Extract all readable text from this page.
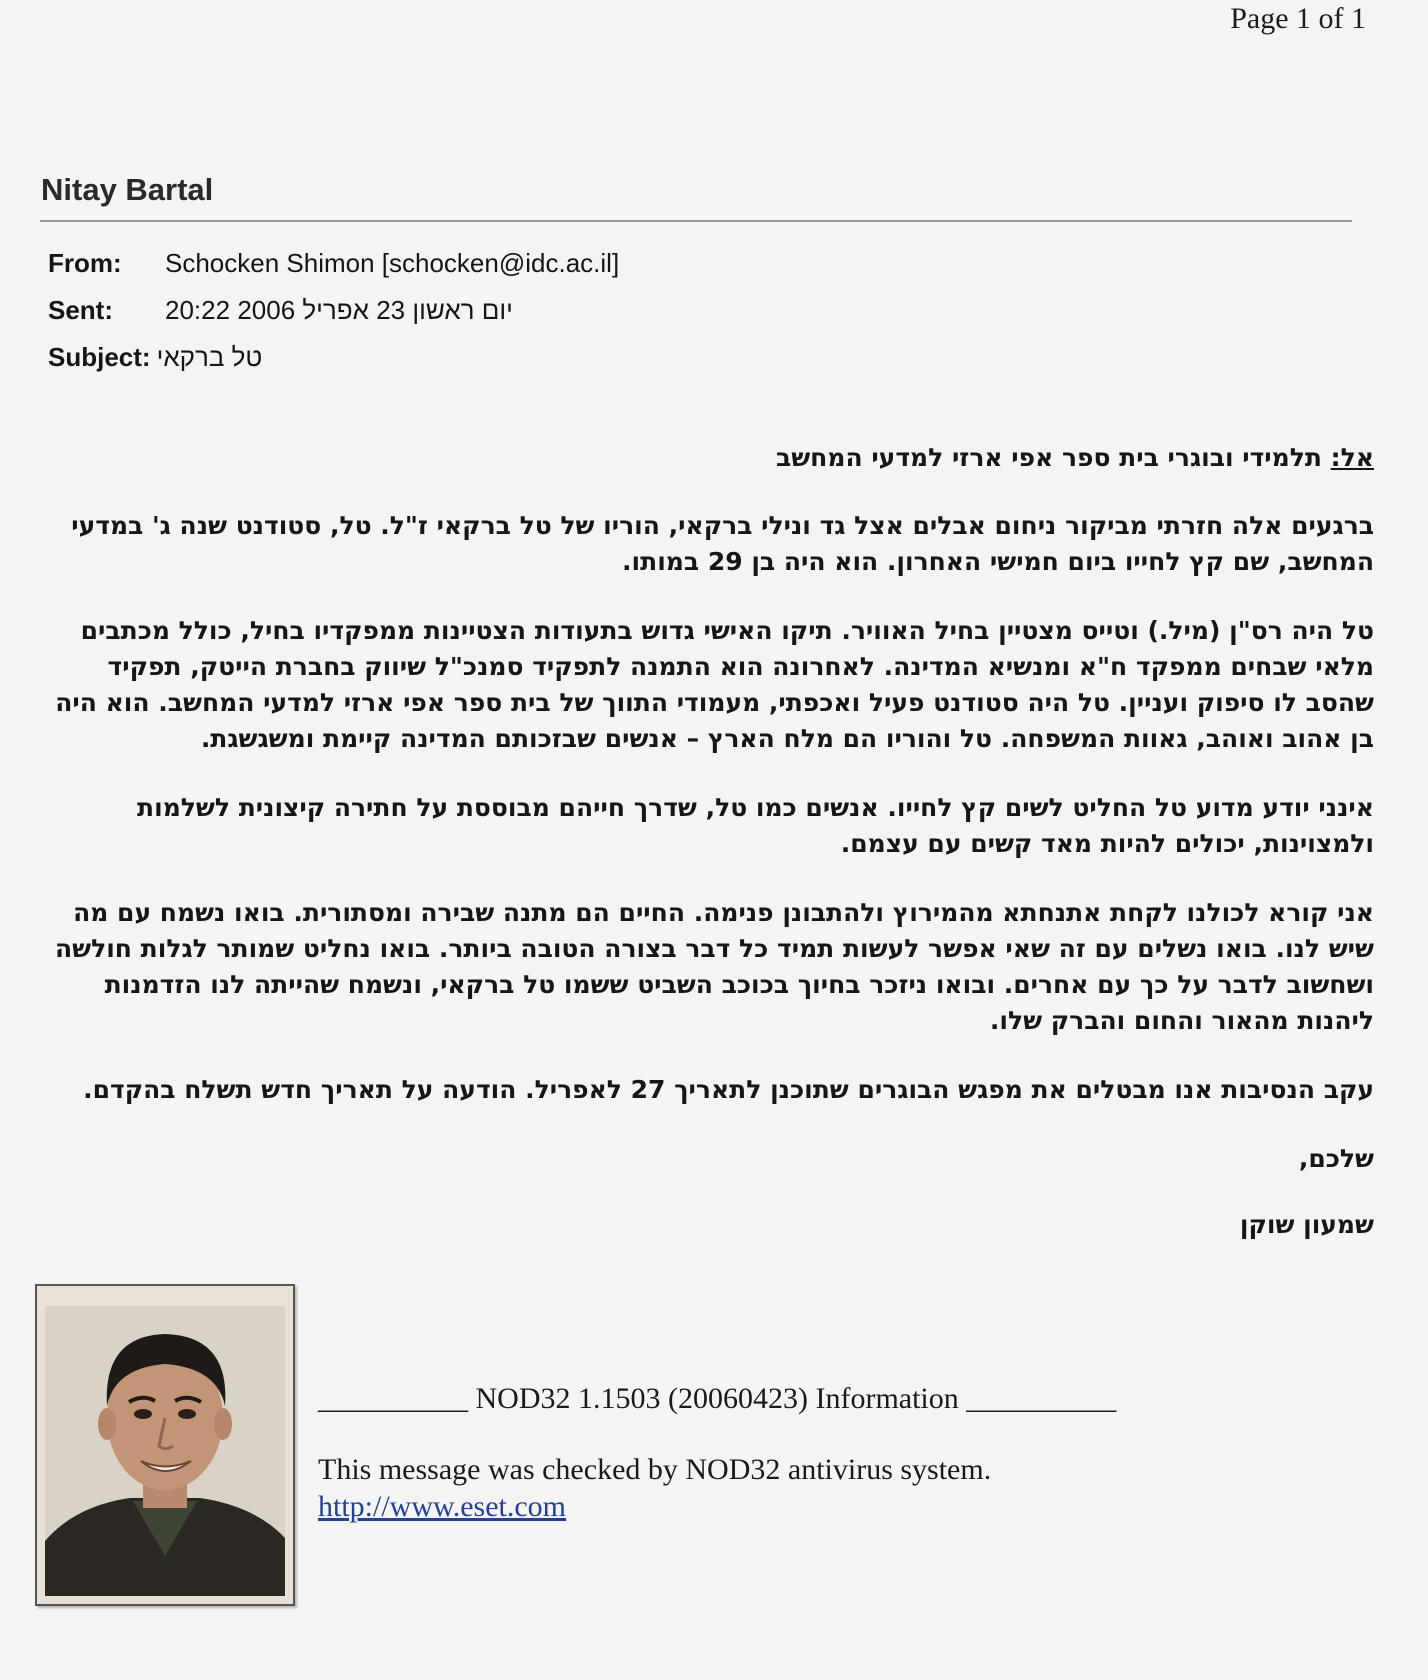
Page 1 of 1
Nitay Bartal
From: Schocken Shimon [schocken@idc.ac.il]
Sent: יום ראשון 23 אפריל 2006 20:22
Subject: טל ברקאי

אל: תלמידי ובוגרי בית ספר אפי ארזי למדעי המחשב

ברגעים אלה חזרתי מביקור ניחום אבלים אצל גד ונילי ברקאי, הוריו של טל ברקאי ז"ל. טל, סטודנט שנה ג' במדעי המחשב, שם קץ לחייו ביום חמישי האחרון. הוא היה בן 29 במותו.

טל היה רס"ן (מיל.) וטייס מצטיין בחיל האוויר. תיקו האישי גדוש בתעודות הצטיינות ממפקדיו בחיל, כולל מכתבים מלאי שבחים ממפקד ח"א ומנשיא המדינה. לאחרונה הוא התמנה לתפקיד סמנכ"ל שיווק בחברת הייטק, תפקיד שהסב לו סיפוק ועניין. טל היה סטודנט פעיל ואכפתי, מעמודי התווך של בית ספר אפי ארזי למדעי המחשב. הוא היה בן אהוב ואוהב, גאוות המשפחה. טל והוריו הם מלח הארץ – אנשים שבזכותם המדינה קיימת ומשגשגת.

אינני יודע מדוע טל החליט לשים קץ לחייו. אנשים כמו טל, שדרך חייהם מבוססת על חתירה קיצונית לשלמות ולמצוינות, יכולים להיות מאד קשים עם עצמם.

אני קורא לכולנו לקחת אתנחתא מהמירוץ ולהתבונן פנימה. החיים הם מתנה שבירה ומסתורית. בואו נשמח עם מה שיש לנו. בואו נשלים עם זה שאי אפשר לעשות תמיד כל דבר בצורה הטובה ביותר. בואו נחליט שמותר לגלות חולשה ושחשוב לדבר על כך עם אחרים. ובואו ניזכר בחיוך בכוכב השביט ששמו טל ברקאי, ונשמח שהייתה לנו הזדמנות ליהנות מהאור והחום והברק שלו.

עקב הנסיבות אנו מבטלים את מפגש הבוגרים שתוכנן לתאריך 27 לאפריל. הודעה על תאריך חדש תשלח בהקדם.

שלכם,

שמעון שוקן

__________ NOD32 1.1503 (20060423) Information __________
This message was checked by NOD32 antivirus system.
http://www.eset.com
